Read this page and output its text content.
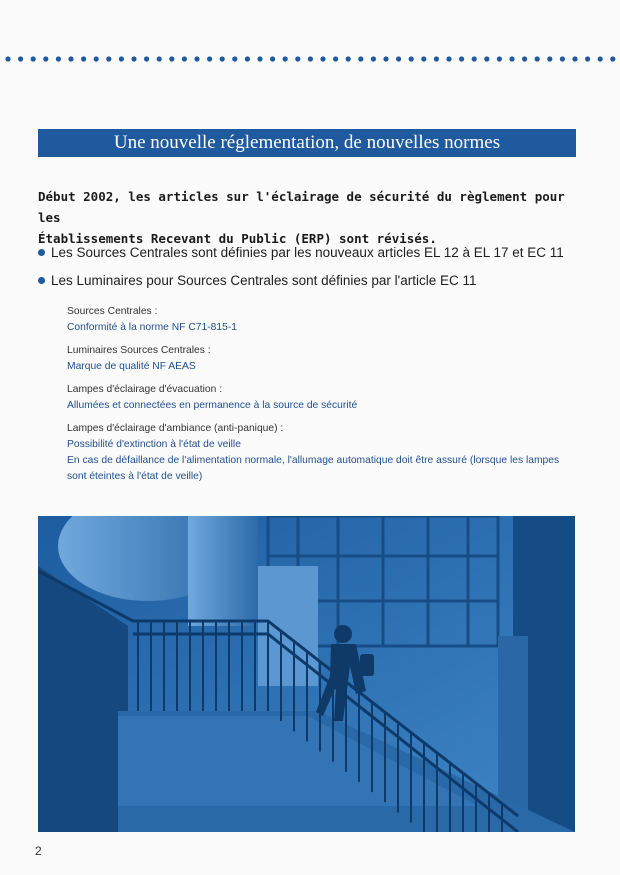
Une nouvelle réglementation, de nouvelles normes
Début 2002, les articles sur l'éclairage de sécurité du règlement pour les
Établissements Recevant du Public (ERP) sont révisés.
Les Sources Centrales sont définies par les nouveaux articles EL 12 à EL 17 et EC 11
Les Luminaires pour Sources Centrales sont définies par l'article EC 11
Sources Centrales :
Conformité à la norme NF C71-815-1
Luminaires Sources Centrales :
Marque de qualité NF AEAS
Lampes d'éclairage d'évacuation :
Allumées et connectées en permanence à la source de sécurité
Lampes d'éclairage d'ambiance (anti-panique) :
Possibilité d'extinction à l'état de veille
En cas de défaillance de l'alimentation normale, l'allumage automatique doit être assuré (lorsque les lampes
sont éteintes à l'état de veille)
2
